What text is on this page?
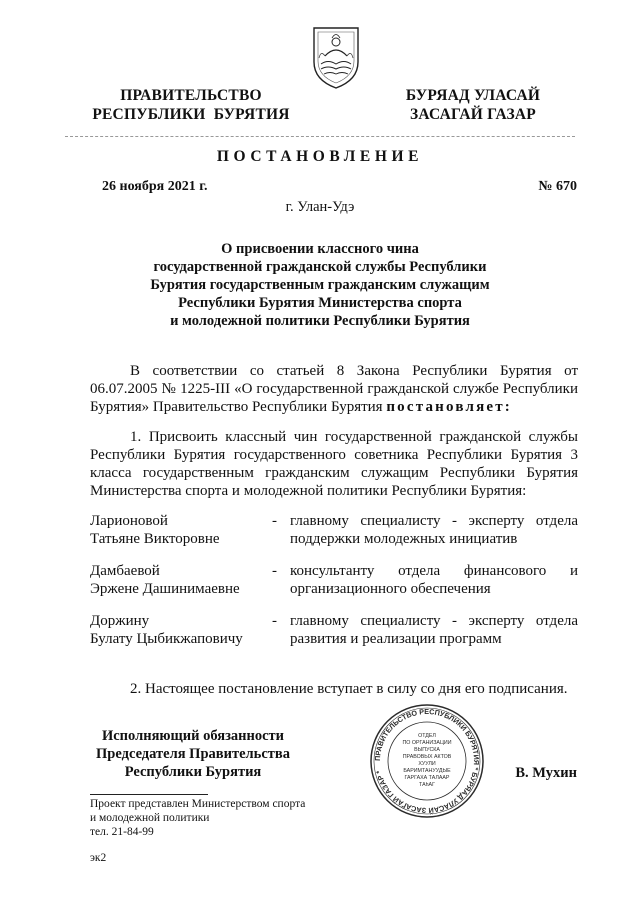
ПРАВИТЕЛЬСТВО
РЕСПУБЛИКИ  БУРЯТИЯ
БУРЯАД УЛАСАЙ
ЗАСАГАЙ ГАЗАР
ПОСТАНОВЛЕНИЕ
26 ноября 2021 г.	№ 670
г. Улан-Удэ
О присвоении классного чина
государственной гражданской службы Республики
Бурятия государственным гражданским служащим
Республики Бурятия Министерства спорта
и молодежной политики Республики Бурятия

В соответствии со статьей 8 Закона Республики Бурятия от 06.07.2005 № 1225-III «О государственной гражданской службе Республики Бурятия» Правительство Республики Бурятия постановляет:

1. Присвоить классный чин государственной гражданской службы Республики Бурятия государственного советника Республики Бурятия 3 класса государственным гражданским служащим Республики Бурятия Министерства спорта и молодежной политики Республики Бурятия:

Ларионовой
Татьяне Викторовне
- главному специалисту - эксперту отдела поддержки молодежных инициатив
Дамбаевой
Эржене Дашинимаевне
- консультанту отдела финансового и организационного обеспечения
Доржину
Булату Цыбикжаповичу
- главному специалисту - эксперту отдела развития и реализации программ

2. Настоящее постановление вступает в силу со дня его подписания.

ПРАВИТЕЛЬСТВО РЕСПУБЛИКИ БУРЯТИЯ * БУРЯАД УЛАСАЙ ЗАСАГАЙ ГАЗАР *
ОТДЕЛ
ПО ОРГАНИЗАЦИИ
ВЫПУСКА
ПРАВОВЫХ АКТОВ
ХУУЛИ
БАРИМТАНУУДЫЕ
ГАРГАХА ТАЛААР
ТАһАГ
Исполняющий обязанности
Председателя Правительства
Республики Бурятия	В. Мухин
Проект представлен Министерством спорта
и молодежной политики
тел. 21-84-99
эк2
